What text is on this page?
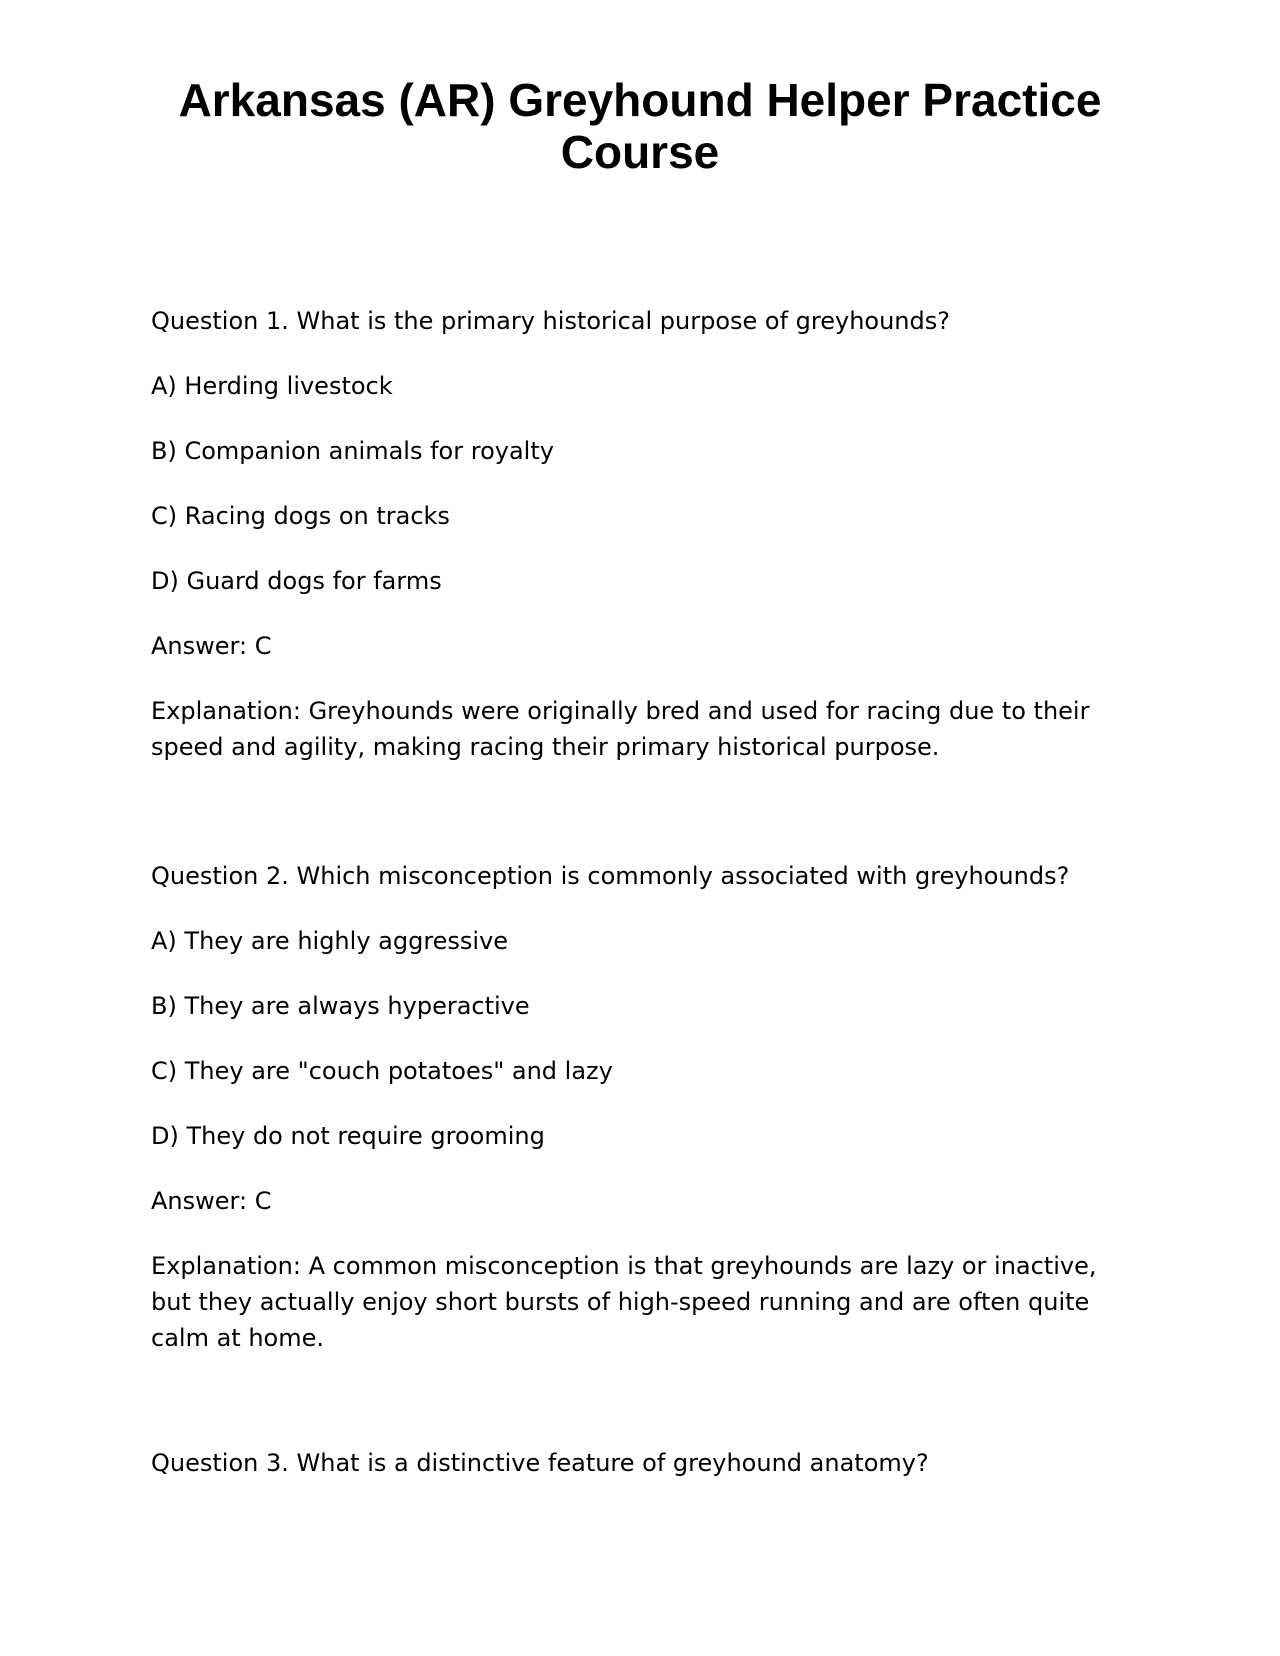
Arkansas (AR) Greyhound Helper Practice Course

Question 1. What is the primary historical purpose of greyhounds?

A) Herding livestock

B) Companion animals for royalty

C) Racing dogs on tracks

D) Guard dogs for farms

Answer: C

Explanation: Greyhounds were originally bred and used for racing due to their speed and agility, making racing their primary historical purpose.

Question 2. Which misconception is commonly associated with greyhounds?

A) They are highly aggressive

B) They are always hyperactive

C) They are "couch potatoes" and lazy

D) They do not require grooming

Answer: C

Explanation: A common misconception is that greyhounds are lazy or inactive, but they actually enjoy short bursts of high-speed running and are often quite calm at home.

Question 3. What is a distinctive feature of greyhound anatomy?
